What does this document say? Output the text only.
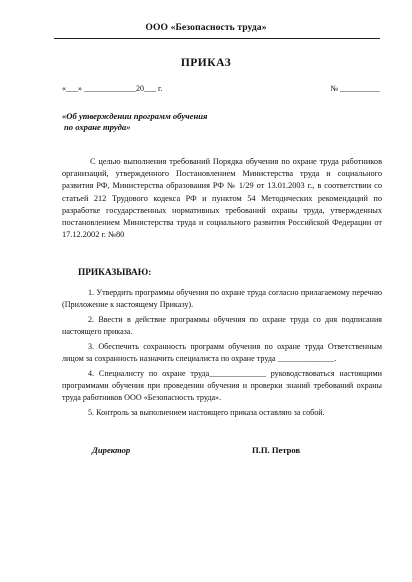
ООО «Безопасность труда»
ПРИКАЗ
«___» _____________20___ г.	№ __________
«Об утверждении программ обучения
по охране труда»
С целью выполнения требований Порядка обучения по охране труда работников организаций, утвержденного Постановлением Министерства труда и социального развития РФ, Министерства образования РФ № 1/29 от 13.01.2003 г., в соответствии со статьей 212 Трудового кодекса РФ и пунктом 54 Методических рекомендаций по разработке государственных нормативных требований охраны труда, утвержденных постановлением Министерства труда и социального развития Российской Федерации от 17.12.2002 г. №80
ПРИКАЗЫВАЮ:
1. Утвердить программы обучения по охране труда согласно прилагаемому перечню (Приложение к настоящему Приказу).
2. Ввести в действие программы обучения по охране труда со дня подписания настоящего приказа.
3. Обеспечить сохранность программ обучения по охране труда Ответственным лицом за сохранность назначить специалиста по охране труда ______________.
4. Специалисту по охране труда______________ руководствоваться настоящими программами обучения при проведении обучения и проверки знаний требований охраны труда работников ООО «Безопасность труда».
5. Контроль за выполнением настоящего приказа оставляю за собой.
Директор	П.П. Петров
